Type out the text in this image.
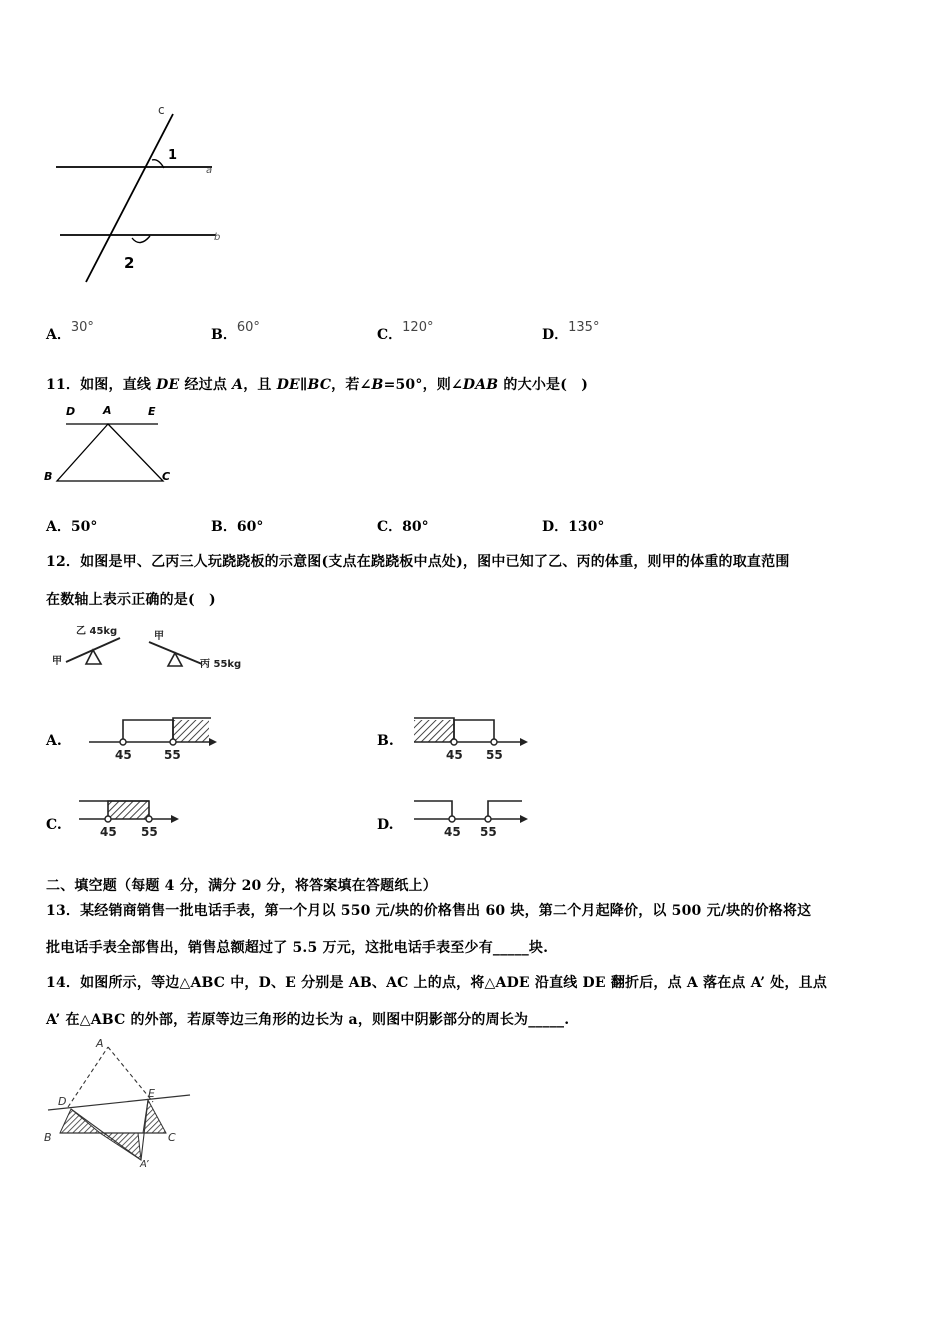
c
1
a
b
2
A．30°	B．60°	C．120°	D．135°
11．如图，直线 DE 经过点 A，且 DE∥BC，若∠B=50°，则∠DAB 的大小是(　)
D	A	E
B	C
A．50°	B．60°	C．80°	D．130°
12．如图是甲、乙丙三人玩跷跷板的示意图(支点在跷跷板中点处)，图中已知了乙、丙的体重，则甲的体重的取直范围
在数轴上表示正确的是(　)
乙 45kg
甲
甲
丙 55kg
A.
45	55
B.
45 55
C.	45 55	D.	45 55
二、填空题（每题 4 分，满分 20 分，将答案填在答题纸上）
13．某经销商销售一批电话手表，第一个月以 550 元/块的价格售出 60 块，第二个月起降价，以 500 元/块的价格将这
批电话手表全部售出，销售总额超过了 5.5 万元，这批电话手表至少有_____块.
14．如图所示，等边△ABC 中，D、E 分别是 AB、AC 上的点，将△ADE 沿直线 DE 翻折后，点 A 落在点 A’ 处，且点
A’ 在△ABC 的外部，若原等边三角形的边长为 a，则图中阴影部分的周长为_____.
A
D
E
B	C
A’
